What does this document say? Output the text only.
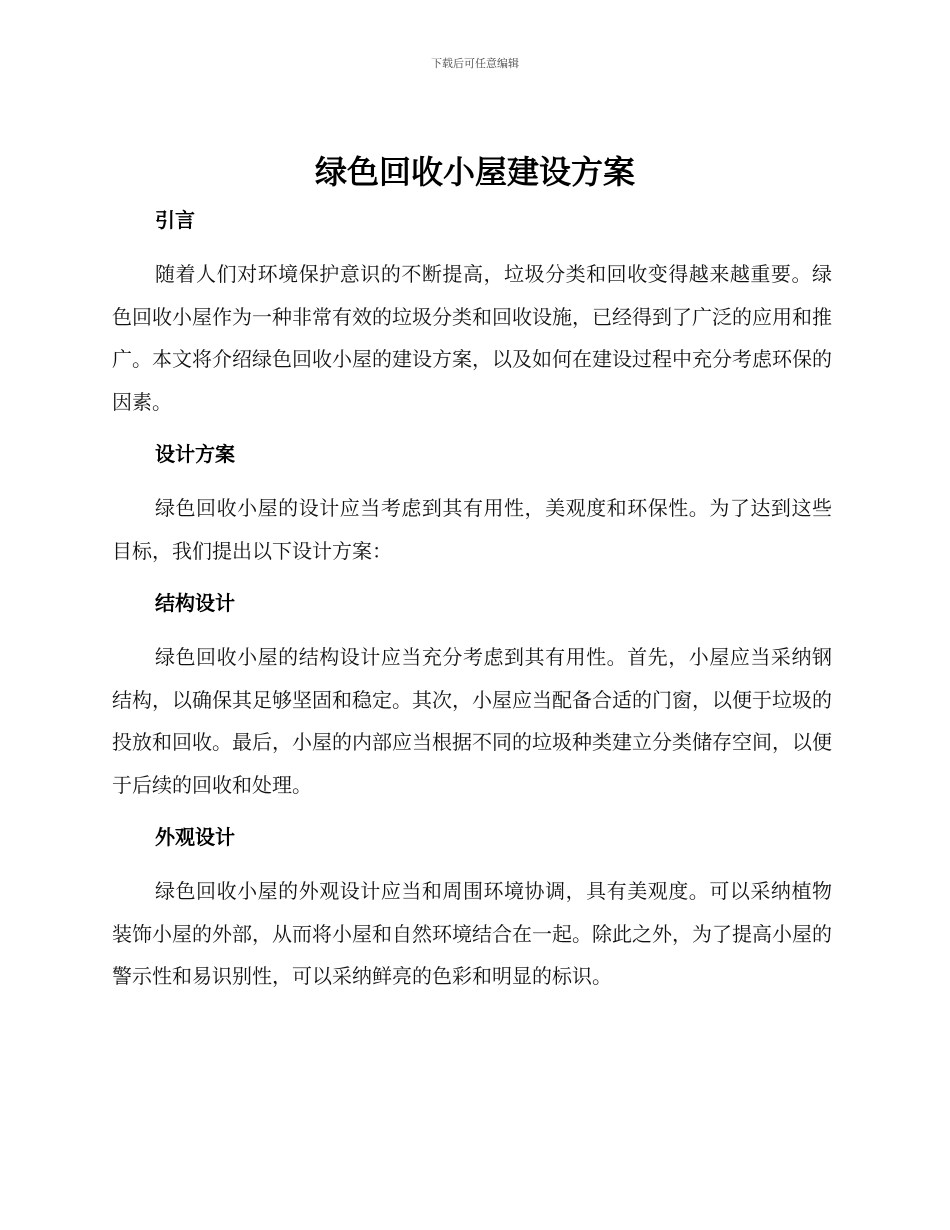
下载后可任意编辑
绿色回收小屋建设方案
引言

随着人们对环境保护意识的不断提高，垃圾分类和回收变得越来越重要。绿色回收小屋作为一种非常有效的垃圾分类和回收设施，已经得到了广泛的应用和推广。本文将介绍绿色回收小屋的建设方案，以及如何在建设过程中充分考虑环保的因素。

设计方案

绿色回收小屋的设计应当考虑到其有用性，美观度和环保性。为了达到这些目标，我们提出以下设计方案：

结构设计

绿色回收小屋的结构设计应当充分考虑到其有用性。首先，小屋应当采纳钢结构，以确保其足够坚固和稳定。其次，小屋应当配备合适的门窗，以便于垃圾的投放和回收。最后，小屋的内部应当根据不同的垃圾种类建立分类储存空间，以便于后续的回收和处理。

外观设计

绿色回收小屋的外观设计应当和周围环境协调，具有美观度。可以采纳植物装饰小屋的外部，从而将小屋和自然环境结合在一起。除此之外，为了提高小屋的警示性和易识别性，可以采纳鲜亮的色彩和明显的标识。
